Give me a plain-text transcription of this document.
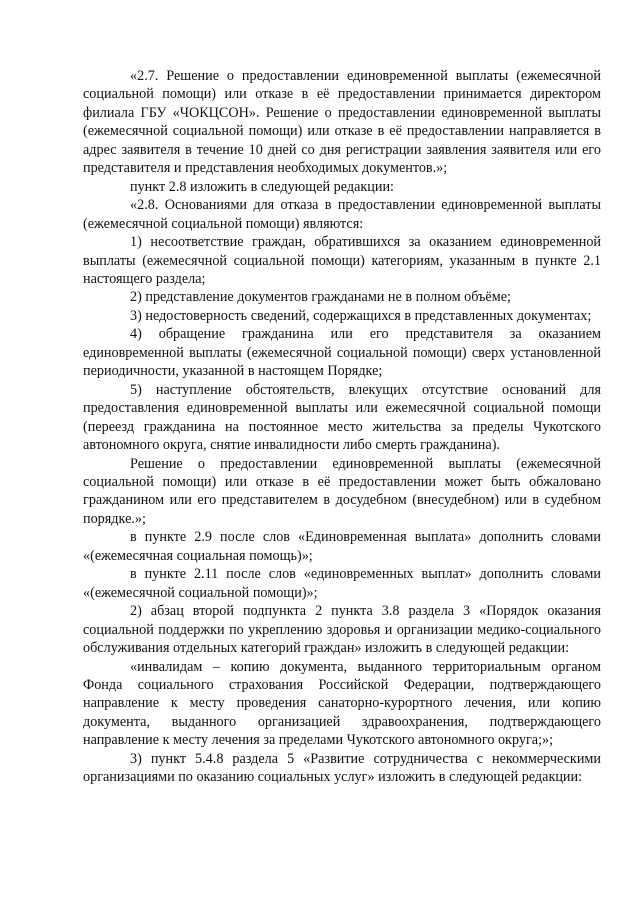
«2.7. Решение о предоставлении единовременной выплаты (ежемесячной социальной помощи) или отказе в её предоставлении принимается директором филиала ГБУ «ЧОКЦСОН». Решение о предоставлении единовременной выплаты (ежемесячной социальной помощи) или отказе в её предоставлении направляется в адрес заявителя в течение 10 дней со дня регистрации заявления заявителя или его представителя и представления необходимых документов.»;

пункт 2.8 изложить в следующей редакции:

«2.8. Основаниями для отказа в предоставлении единовременной выплаты (ежемесячной социальной помощи) являются:

1) несоответствие граждан, обратившихся за оказанием единовременной выплаты (ежемесячной социальной помощи) категориям, указанным в пункте 2.1 настоящего раздела;

2) представление документов гражданами не в полном объёме;

3) недостоверность сведений, содержащихся в представленных документах;

4) обращение гражданина или его представителя за оказанием единовременной выплаты (ежемесячной социальной помощи) сверх установленной периодичности, указанной в настоящем Порядке;

5) наступление обстоятельств, влекущих отсутствие оснований для предоставления единовременной выплаты или ежемесячной социальной помощи (переезд гражданина на постоянное место жительства за пределы Чукотского автономного округа, снятие инвалидности либо смерть гражданина).

Решение о предоставлении единовременной выплаты (ежемесячной социальной помощи) или отказе в её предоставлении может быть обжаловано гражданином или его представителем в досудебном (внесудебном) или в судебном порядке.»;

в пункте 2.9 после слов «Единовременная выплата» дополнить словами «(ежемесячная социальная помощь)»;

в пункте 2.11 после слов «единовременных выплат» дополнить словами «(ежемесячной социальной помощи)»;

2) абзац второй подпункта 2 пункта 3.8 раздела 3 «Порядок оказания социальной поддержки по укреплению здоровья и организации медико-социального обслуживания отдельных категорий граждан» изложить в следующей редакции:

«инвалидам – копию документа, выданного территориальным органом Фонда социального страхования Российской Федерации, подтверждающего направление к месту проведения санаторно-курортного лечения, или копию документа, выданного организацией здравоохранения, подтверждающего направление к месту лечения за пределами Чукотского автономного округа;»;

3) пункт 5.4.8 раздела 5 «Развитие сотрудничества с некоммерческими организациями по оказанию социальных услуг» изложить в следующей редакции:
